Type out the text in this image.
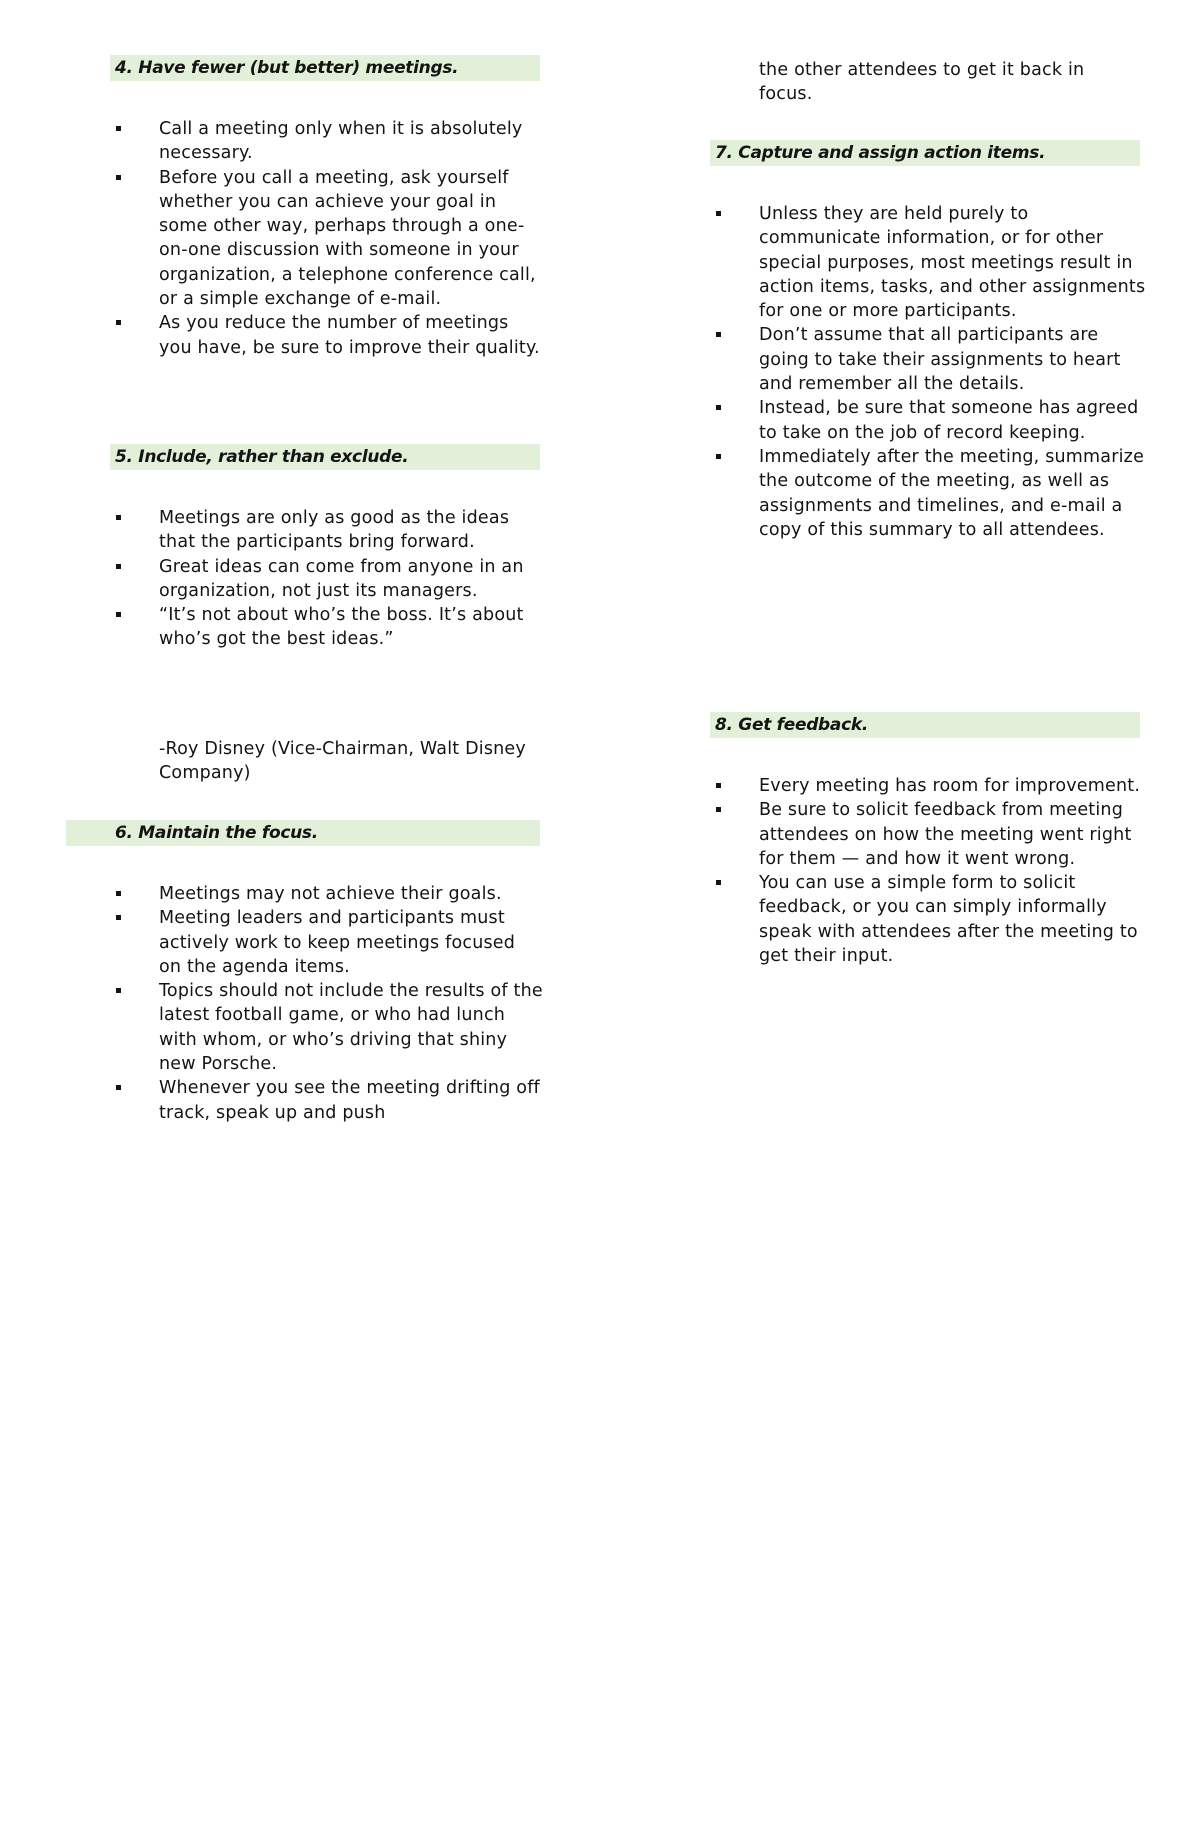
4. Have fewer (but better) meetings.
Call a meeting only when it is absolutely necessary.
Before you call a meeting, ask yourself whether you can achieve your goal in some other way, perhaps through a one-on-one discussion with someone in your organization, a telephone conference call, or a simple exchange of e-mail.
As you reduce the number of meetings you have, be sure to improve their quality.
5. Include, rather than exclude.
Meetings are only as good as the ideas that the participants bring forward.
Great ideas can come from anyone in an organization, not just its managers.
“It’s not about who’s the boss. It’s about who’s got the best ideas.”
-Roy Disney (Vice-Chairman, Walt Disney Company)
6. Maintain the focus.
Meetings may not achieve their goals.
Meeting leaders and participants must actively work to keep meetings focused on the agenda items.
Topics should not include the results of the latest football game, or who had lunch with whom, or who’s driving that shiny new Porsche.
Whenever you see the meeting drifting off track, speak up and push
the other attendees to get it back in focus.
7. Capture and assign action items.
Unless they are held purely to communicate information, or for other special purposes, most meetings result in action items, tasks, and other assignments for one or more participants.
Don’t assume that all participants are going to take their assignments to heart and remember all the details.
Instead, be sure that someone has agreed to take on the job of record keeping.
Immediately after the meeting, summarize the outcome of the meeting, as well as assignments and timelines, and e-mail a copy of this summary to all attendees.
8. Get feedback.
Every meeting has room for improvement.
Be sure to solicit feedback from meeting attendees on how the meeting went right for them — and how it went wrong.
You can use a simple form to solicit feedback, or you can simply informally speak with attendees after the meeting to get their input.
